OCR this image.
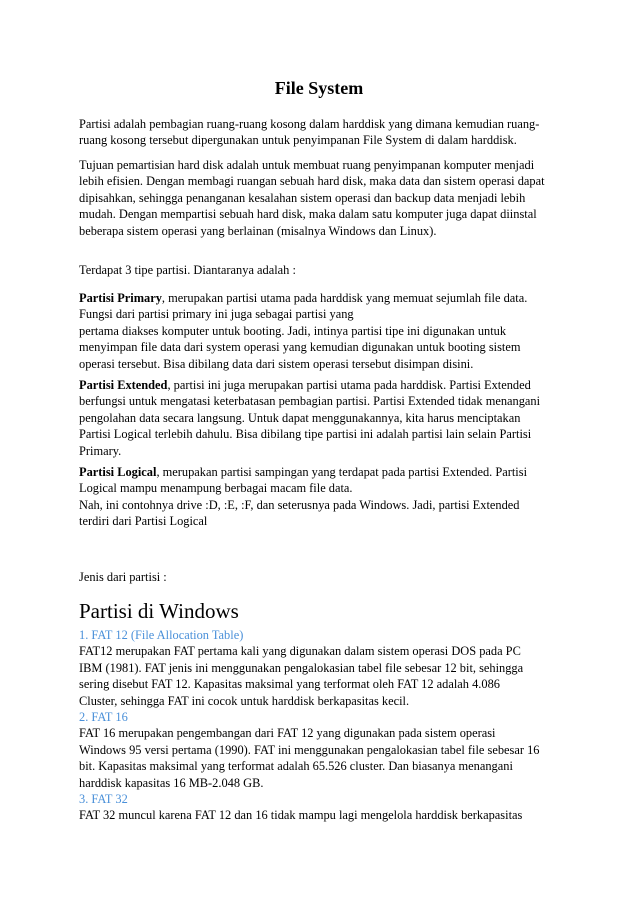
File System
Partisi adalah pembagian ruang-ruang kosong dalam harddisk yang dimana kemudian ruang-
ruang kosong tersebut dipergunakan untuk penyimpanan File System di dalam harddisk.
Tujuan pemartisian hard disk adalah untuk membuat ruang penyimpanan komputer menjadi
lebih efisien. Dengan membagi ruangan sebuah hard disk, maka data dan sistem operasi dapat
dipisahkan, sehingga penanganan kesalahan sistem operasi dan backup data menjadi lebih
mudah. Dengan mempartisi sebuah hard disk, maka dalam satu komputer juga dapat diinstal
beberapa sistem operasi yang berlainan (misalnya Windows dan Linux).
Terdapat 3 tipe partisi. Diantaranya adalah :
Partisi Primary, merupakan partisi utama pada harddisk yang memuat sejumlah file data.
Fungsi dari partisi primary ini juga sebagai partisi yang
pertama diakses komputer untuk booting. Jadi, intinya partisi tipe ini digunakan untuk
menyimpan file data dari system operasi yang kemudian digunakan untuk booting sistem
operasi tersebut. Bisa dibilang data dari sistem operasi tersebut disimpan disini.
Partisi Extended, partisi ini juga merupakan partisi utama pada harddisk. Partisi Extended
berfungsi untuk mengatasi keterbatasan pembagian partisi. Partisi Extended tidak menangani
pengolahan data secara langsung. Untuk dapat menggunakannya, kita harus menciptakan
Partisi Logical terlebih dahulu. Bisa dibilang tipe partisi ini adalah partisi lain selain Partisi
Primary.
Partisi Logical, merupakan partisi sampingan yang terdapat pada partisi Extended. Partisi
Logical mampu menampung berbagai macam file data.
Nah, ini contohnya drive :D, :E, :F, dan seterusnya pada Windows. Jadi, partisi Extended
terdiri dari Partisi Logical
Jenis dari partisi :
Partisi di Windows
1. FAT 12 (File Allocation Table)
FAT12 merupakan FAT pertama kali yang digunakan dalam sistem operasi DOS pada PC
IBM (1981). FAT jenis ini menggunakan pengalokasian tabel file sebesar 12 bit, sehingga
sering disebut FAT 12. Kapasitas maksimal yang terformat oleh FAT 12 adalah 4.086
Cluster, sehingga FAT ini cocok untuk harddisk berkapasitas kecil.
2. FAT 16
FAT 16 merupakan pengembangan dari FAT 12 yang digunakan pada sistem operasi
Windows 95 versi pertama (1990). FAT ini menggunakan pengalokasian tabel file sebesar 16
bit. Kapasitas maksimal yang terformat adalah 65.526 cluster. Dan biasanya menangani
harddisk kapasitas 16 MB-2.048 GB.
3. FAT 32
FAT 32 muncul karena FAT 12 dan 16 tidak mampu lagi mengelola harddisk berkapasitas
